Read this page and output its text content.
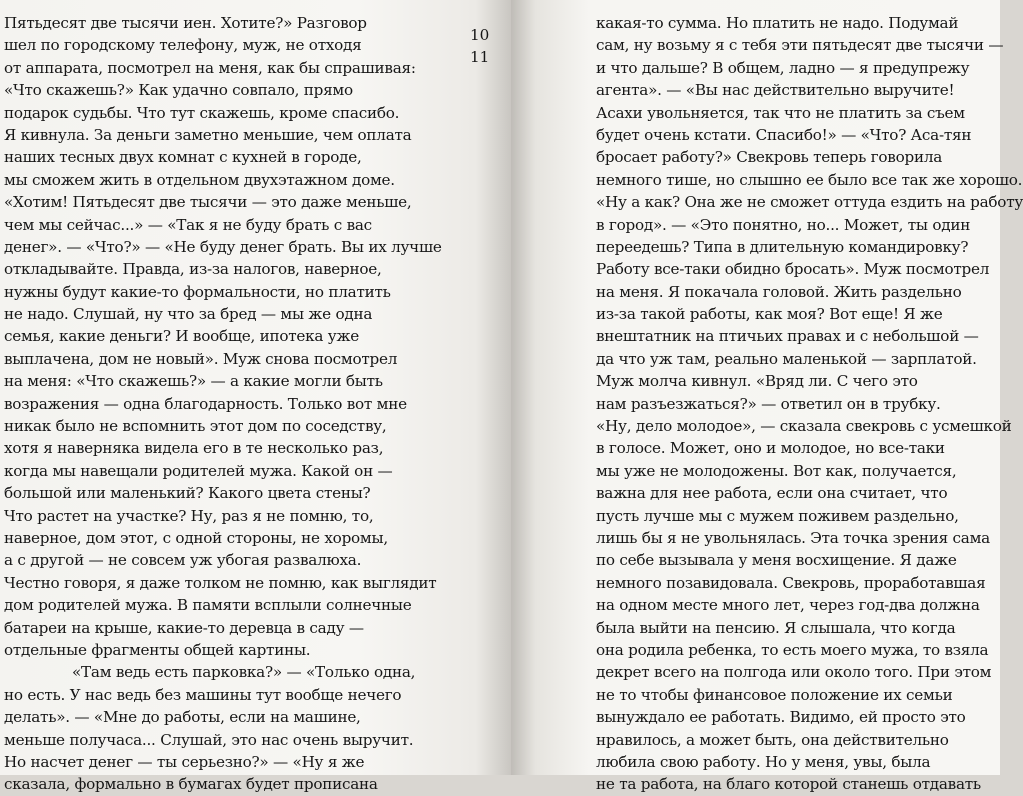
Пятьдесят две тысячи иен. Хотите?» Разговор
шел по городскому телефону, муж, не отходя
от аппарата, посмотрел на меня, как бы спрашивая:
«Что скажешь?» Как удачно совпало, прямо
подарок судьбы. Что тут скажешь, кроме спасибо.
Я кивнула. За деньги заметно меньшие, чем оплата
наших тесных двух комнат с кухней в городе,
мы сможем жить в отдельном двухэтажном доме.
«Хотим! Пятьдесят две тысячи — это даже меньше,
чем мы сейчас...» — «Так я не буду брать с вас
денег». — «Что?» — «Не буду денег брать. Вы их лучше
откладывайте. Правда, из-за налогов, наверное,
нужны будут какие-то формальности, но платить
не надо. Слушай, ну что за бред — мы же одна
семья, какие деньги? И вообще, ипотека уже
выплачена, дом не новый». Муж снова посмотрел
на меня: «Что скажешь?» — а какие могли быть
возражения — одна благодарность. Только вот мне
никак было не вспомнить этот дом по соседству,
хотя я наверняка видела его в те несколько раз,
когда мы навещали родителей мужа. Какой он —
большой или маленький? Какого цвета стены?
Что растет на участке? Ну, раз я не помню, то,
наверное, дом этот, с одной стороны, не хоромы,
а с другой — не совсем уж убогая развалюха.
Честно говоря, я даже толком не помню, как выглядит
дом родителей мужа. В памяти всплыли солнечные
батареи на крыше, какие-то деревца в саду —
отдельные фрагменты общей картины.
«Там ведь есть парковка?» — «Только одна,
но есть. У нас ведь без машины тут вообще нечего
делать». — «Мне до работы, если на машине,
меньше получаса... Слушай, это нас очень выручит.
Но насчет денег — ты серьезно?» — «Ну я же
сказала, формально в бумагах будет прописана
какая-то сумма. Но платить не надо. Подумай
сам, ну возьму я с тебя эти пятьдесят две тысячи —
и что дальше? В общем, ладно — я предупрежу
агента». — «Вы нас действительно выручите!
Асахи увольняется, так что не платить за съем
будет очень кстати. Спасибо!» — «Что? Аса-тян
бросает работу?» Свекровь теперь говорила
немного тише, но слышно ее было все так же хорошо.
«Ну а как? Она же не сможет оттуда ездить на работу
в город». — «Это понятно, но... Может, ты один
переедешь? Типа в длительную командировку?
Работу все-таки обидно бросать». Муж посмотрел
на меня. Я покачала головой. Жить раздельно
из-за такой работы, как моя? Вот еще! Я же
внештатник на птичьих правах и с небольшой —
да что уж там, реально маленькой — зарплатой.
Муж молча кивнул. «Вряд ли. С чего это
нам разъезжаться?» — ответил он в трубку.
«Ну, дело молодое», — сказала свекровь с усмешкой
в голосе. Может, оно и молодое, но все-таки
мы уже не молодожены. Вот как, получается,
важна для нее работа, если она считает, что
пусть лучше мы с мужем поживем раздельно,
лишь бы я не увольнялась. Эта точка зрения сама
по себе вызывала у меня восхищение. Я даже
немного позавидовала. Свекровь, проработавшая
на одном месте много лет, через год-два должна
была выйти на пенсию. Я слышала, что когда
она родила ребенка, то есть моего мужа, то взяла
декрет всего на полгода или около того. При этом
не то чтобы финансовое положение их семьи
вынуждало ее работать. Видимо, ей просто это
нравилось, а может быть, она действительно
любила свою работу. Но у меня, увы, была
не та работа, на благо которой станешь отдавать
10
11
